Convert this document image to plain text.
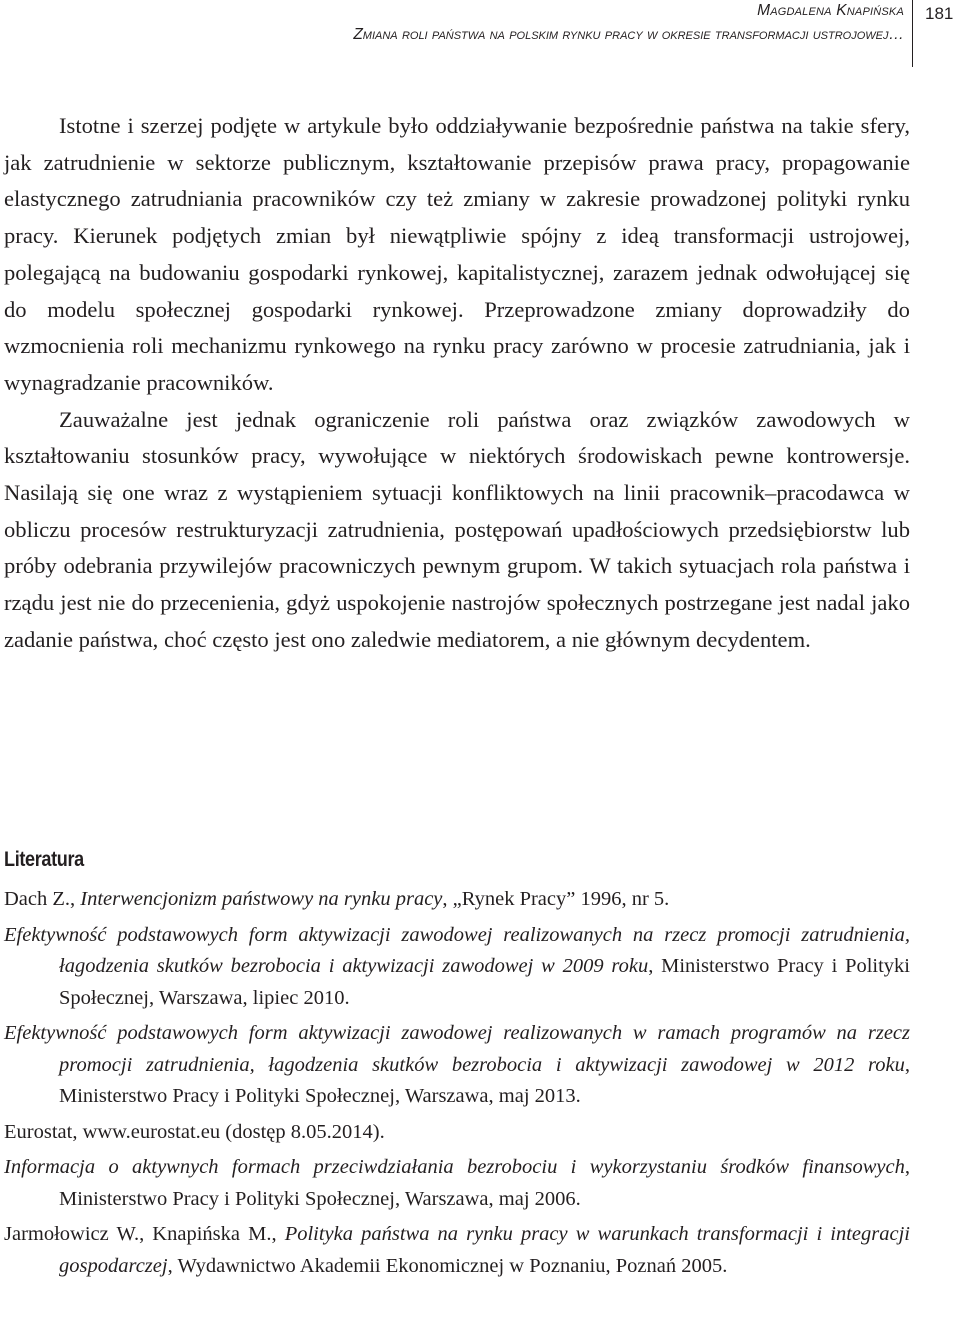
Magdalena Knapińska
Zmiana roli państwa na polskim rynku pracy w okresie transformacji ustrojowej…
181

Istotne i szerzej podjęte w artykule było oddziaływanie bezpośrednie państwa na takie sfery, jak zatrudnienie w sektorze publicznym, kształtowanie przepisów prawa pracy, propagowanie elastycznego zatrudniania pracowników czy też zmiany w zakresie prowadzonej polityki rynku pracy. Kierunek podjętych zmian był niewątpliwie spójny z ideą transformacji ustrojowej, polegającą na budowaniu gospodarki rynkowej, kapitalistycznej, zarazem jednak odwołującej się do modelu społecznej gospodarki rynkowej. Przeprowadzone zmiany doprowadziły do wzmocnienia roli mechanizmu rynkowego na rynku pracy zarówno w procesie zatrudniania, jak i wynagradzanie pracowników.

Zauważalne jest jednak ograniczenie roli państwa oraz związków zawodowych w kształtowaniu stosunków pracy, wywołujące w niektórych środowiskach pewne kontrowersje. Nasilają się one wraz z wystąpieniem sytuacji konfliktowych na linii pracownik–pracodawca w obliczu procesów restrukturyzacji zatrudnienia, postępowań upadłościowych przedsiębiorstw lub próby odebrania przywilejów pracowniczych pewnym grupom. W takich sytuacjach rola państwa i rządu jest nie do przecenienia, gdyż uspokojenie nastrojów społecznych postrzegane jest nadal jako zadanie państwa, choć często jest ono zaledwie mediatorem, a nie głównym decydentem.

Literatura

Dach Z., Interwencjonizm państwowy na rynku pracy, „Rynek Pracy” 1996, nr 5.

Efektywność podstawowych form aktywizacji zawodowej realizowanych na rzecz promocji zatrudnienia, łagodzenia skutków bezrobocia i aktywizacji zawodowej w 2009 roku, Ministerstwo Pracy i Polityki Społecznej, Warszawa, lipiec 2010.

Efektywność podstawowych form aktywizacji zawodowej realizowanych w ramach programów na rzecz promocji zatrudnienia, łagodzenia skutków bezrobocia i aktywizacji zawodowej w 2012 roku, Ministerstwo Pracy i Polityki Społecznej, Warszawa, maj 2013.

Eurostat, www.eurostat.eu (dostęp 8.05.2014).

Informacja o aktywnych formach przeciwdziałania bezrobociu i wykorzystaniu środków finansowych, Ministerstwo Pracy i Polityki Społecznej, Warszawa, maj 2006.

Jarmołowicz W., Knapińska M., Polityka państwa na rynku pracy w warunkach transformacji i integracji gospodarczej, Wydawnictwo Akademii Ekonomicznej w Poznaniu, Poznań 2005.
